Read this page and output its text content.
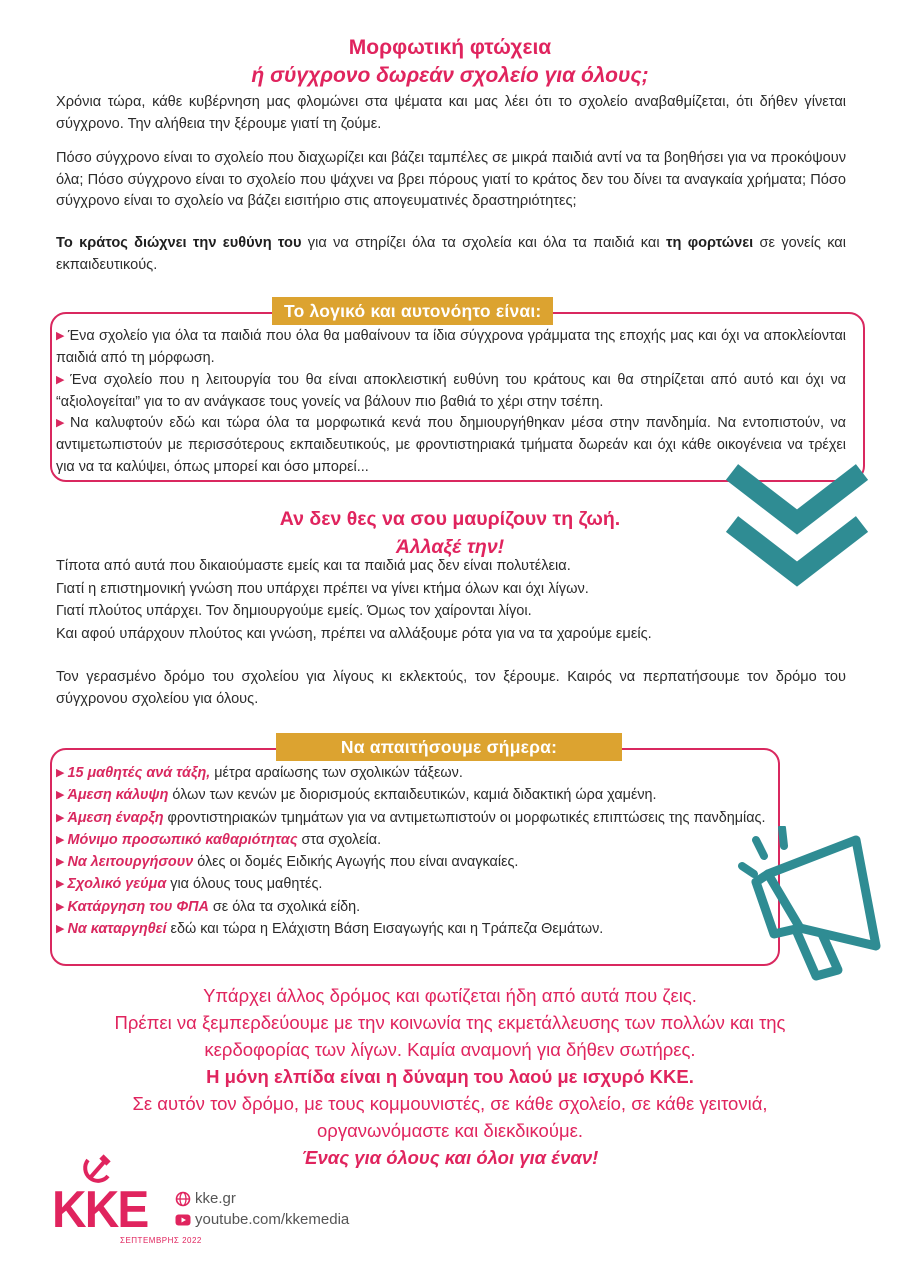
Μορφωτική φτώχεια
ή σύγχρονο δωρεάν σχολείο για όλους;
Χρόνια τώρα, κάθε κυβέρνηση μας φλομώνει στα ψέματα και μας λέει ότι το σχολείο αναβαθμίζεται, ότι δήθεν γίνεται σύγχρονο. Την αλήθεια την ξέρουμε γιατί τη ζούμε.
Πόσο σύγχρονο είναι το σχολείο που διαχωρίζει και βάζει ταμπέλες σε μικρά παιδιά αντί να τα βοηθήσει για να προκόψουν όλα; Πόσο σύγχρονο είναι το σχολείο που ψάχνει να βρει πόρους γιατί το κράτος δεν του δίνει τα αναγκαία χρήματα; Πόσο σύγχρονο είναι το σχολείο να βάζει εισιτήριο στις απογευματινές δραστηριότητες;
Το κράτος διώχνει την ευθύνη του για να στηρίζει όλα τα σχολεία και όλα τα παιδιά και τη φορτώνει σε γονείς και εκπαιδευτικούς.
Το λογικό και αυτονόητο είναι:
▶ Ένα σχολείο για όλα τα παιδιά που όλα θα μαθαίνουν τα ίδια σύγχρονα γράμματα της εποχής μας και όχι να αποκλείονται παιδιά από τη μόρφωση.
▶ Ένα σχολείο που η λειτουργία του θα είναι αποκλειστική ευθύνη του κράτους και θα στηρίζεται από αυτό και όχι να “αξιολογείται” για το αν ανάγκασε τους γονείς να βάλουν πιο βαθιά το χέρι στην τσέπη.
▶ Να καλυφτούν εδώ και τώρα όλα τα μορφωτικά κενά που δημιουργήθηκαν μέσα στην πανδημία. Να εντοπιστούν, να αντιμετωπιστούν με περισσότερους εκπαιδευτικούς, με φροντιστηριακά τμήματα δωρεάν και όχι κάθε οικογένεια να τρέχει για να τα καλύψει, όπως μπορεί και όσο μπορεί...
Αν δεν θες να σου μαυρίζουν τη ζωή.
Άλλαξέ την!
Τίποτα από αυτά που δικαιούμαστε εμείς και τα παιδιά μας δεν είναι πολυτέλεια.
Γιατί η επιστημονική γνώση που υπάρχει πρέπει να γίνει κτήμα όλων και όχι λίγων.
Γιατί πλούτος υπάρχει. Τον δημιουργούμε εμείς. Όμως τον χαίρονται λίγοι.
Και αφού υπάρχουν πλούτος και γνώση, πρέπει να αλλάξουμε ρότα για να τα χαρούμε εμείς.
Τον γερασμένο δρόμο του σχολείου για λίγους κι εκλεκτούς, τον ξέρουμε. Καιρός να περπατήσουμε τον δρόμο του σύγχρονου σχολείου για όλους.
Να απαιτήσουμε σήμερα:
▶ 15 μαθητές ανά τάξη, μέτρα αραίωσης των σχολικών τάξεων.
▶ Άμεση κάλυψη όλων των κενών με διορισμούς εκπαιδευτικών, καμιά διδακτική ώρα χαμένη.
▶ Άμεση έναρξη φροντιστηριακών τμημάτων για να αντιμετωπιστούν οι μορφωτικές επιπτώσεις της πανδημίας.
▶ Μόνιμο προσωπικό καθαριότητας στα σχολεία.
▶ Να λειτουργήσουν όλες οι δομές Ειδικής Αγωγής που είναι αναγκαίες.
▶ Σχολικό γεύμα για όλους τους μαθητές.
▶ Κατάργηση του ΦΠΑ σε όλα τα σχολικά είδη.
▶ Να καταργηθεί εδώ και τώρα η Ελάχιστη Βάση Εισαγωγής και η Τράπεζα Θεμάτων.
Υπάρχει άλλος δρόμος και φωτίζεται ήδη από αυτά που ζεις.
Πρέπει να ξεμπερδεύουμε με την κοινωνία της εκμετάλλευσης των πολλών και της
κερδοφορίας των λίγων. Καμία αναμονή για δήθεν σωτήρες.
Η μόνη ελπίδα είναι η δύναμη του λαού με ισχυρό ΚΚΕ.
Σε αυτόν τον δρόμο, με τους κομμουνιστές, σε κάθε σχολείο, σε κάθε γειτονιά,
οργανωνόμαστε και διεκδικούμε.
Ένας για όλους και όλοι για έναν!
ΚΚΕ
ΣΕΠΤΕΜΒΡΗΣ 2022
kke.gr
youtube.com/kkemedia
